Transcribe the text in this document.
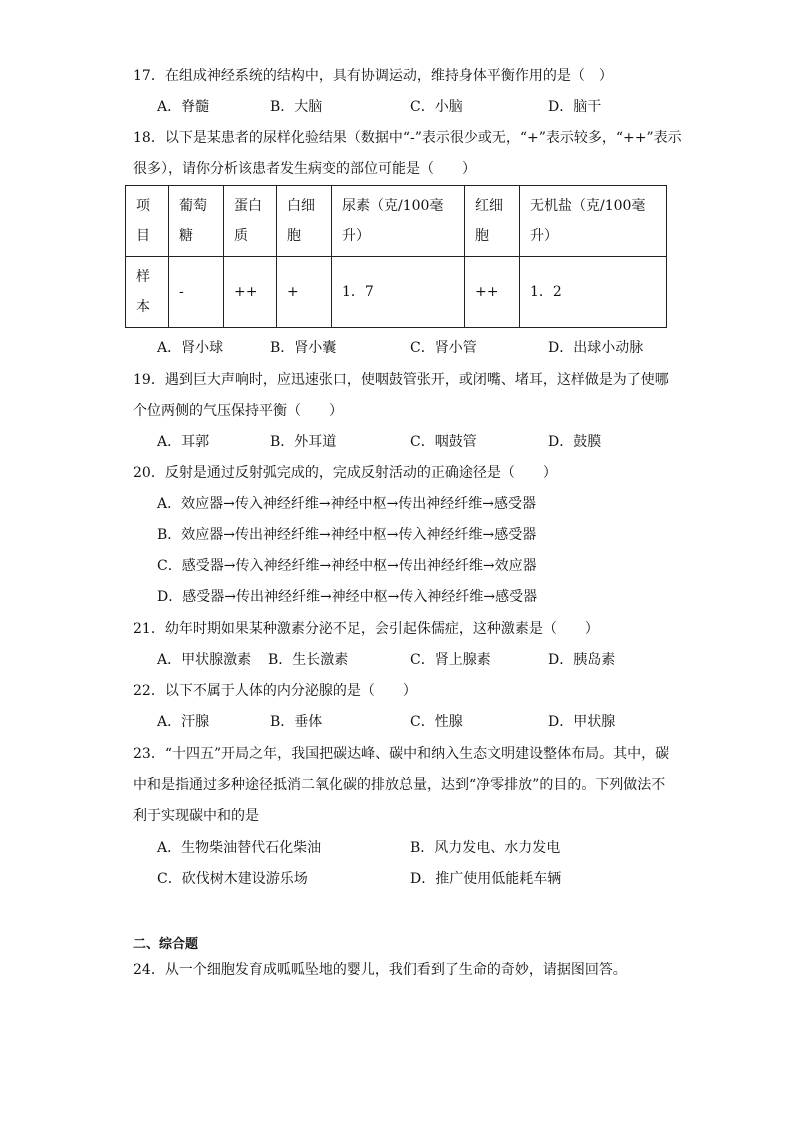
17．在组成神经系统的结构中，具有协调运动，维持身体平衡作用的是（　）
A．脊髓	B．大脑	C．小脑	D．脑干
18．以下是某患者的尿样化验结果（数据中“-”表示很少或无，“+”表示较多，“++”表示
很多），请你分析该患者发生病变的部位可能是（　　）
项目	葡萄糖	蛋白质	白细胞	尿素（克/100毫升）	红细胞	无机盐（克/100毫升）
样本	-	++	+	1．7	++	1．2
A．肾小球	B．肾小囊	C．肾小管	D．出球小动脉
19．遇到巨大声响时，应迅速张口，使咽鼓管张开，或闭嘴、堵耳，这样做是为了使哪
个位两侧的气压保持平衡（　　）
A．耳郭	B．外耳道	C．咽鼓管	D．鼓膜
20．反射是通过反射弧完成的，完成反射活动的正确途径是（　　）
A．效应器→传入神经纤维→神经中枢→传出神经纤维→感受器
B．效应器→传出神经纤维→神经中枢→传入神经纤维→感受器
C．感受器→传入神经纤维→神经中枢→传出神经纤维→效应器
D．感受器→传出神经纤维→神经中枢→传入神经纤维→感受器
21．幼年时期如果某种激素分泌不足，会引起侏儒症，这种激素是（　　）
A．甲状腺激素 B．生长激素	C．肾上腺素	D．胰岛素
22．以下不属于人体的内分泌腺的是（　　）
A．汗腺	B．垂体	C．性腺	D．甲状腺
23．“十四五”开局之年，我国把碳达峰、碳中和纳入生态文明建设整体布局。其中，碳
中和是指通过多种途径抵消二氧化碳的排放总量，达到“净零排放”的目的。下列做法不
利于实现碳中和的是
A．生物柴油替代石化柴油	B．风力发电、水力发电
C．砍伐树木建设游乐场	D．推广使用低能耗车辆
二、综合题
24．从一个细胞发育成呱呱坠地的婴儿，我们看到了生命的奇妙，请据图回答。
